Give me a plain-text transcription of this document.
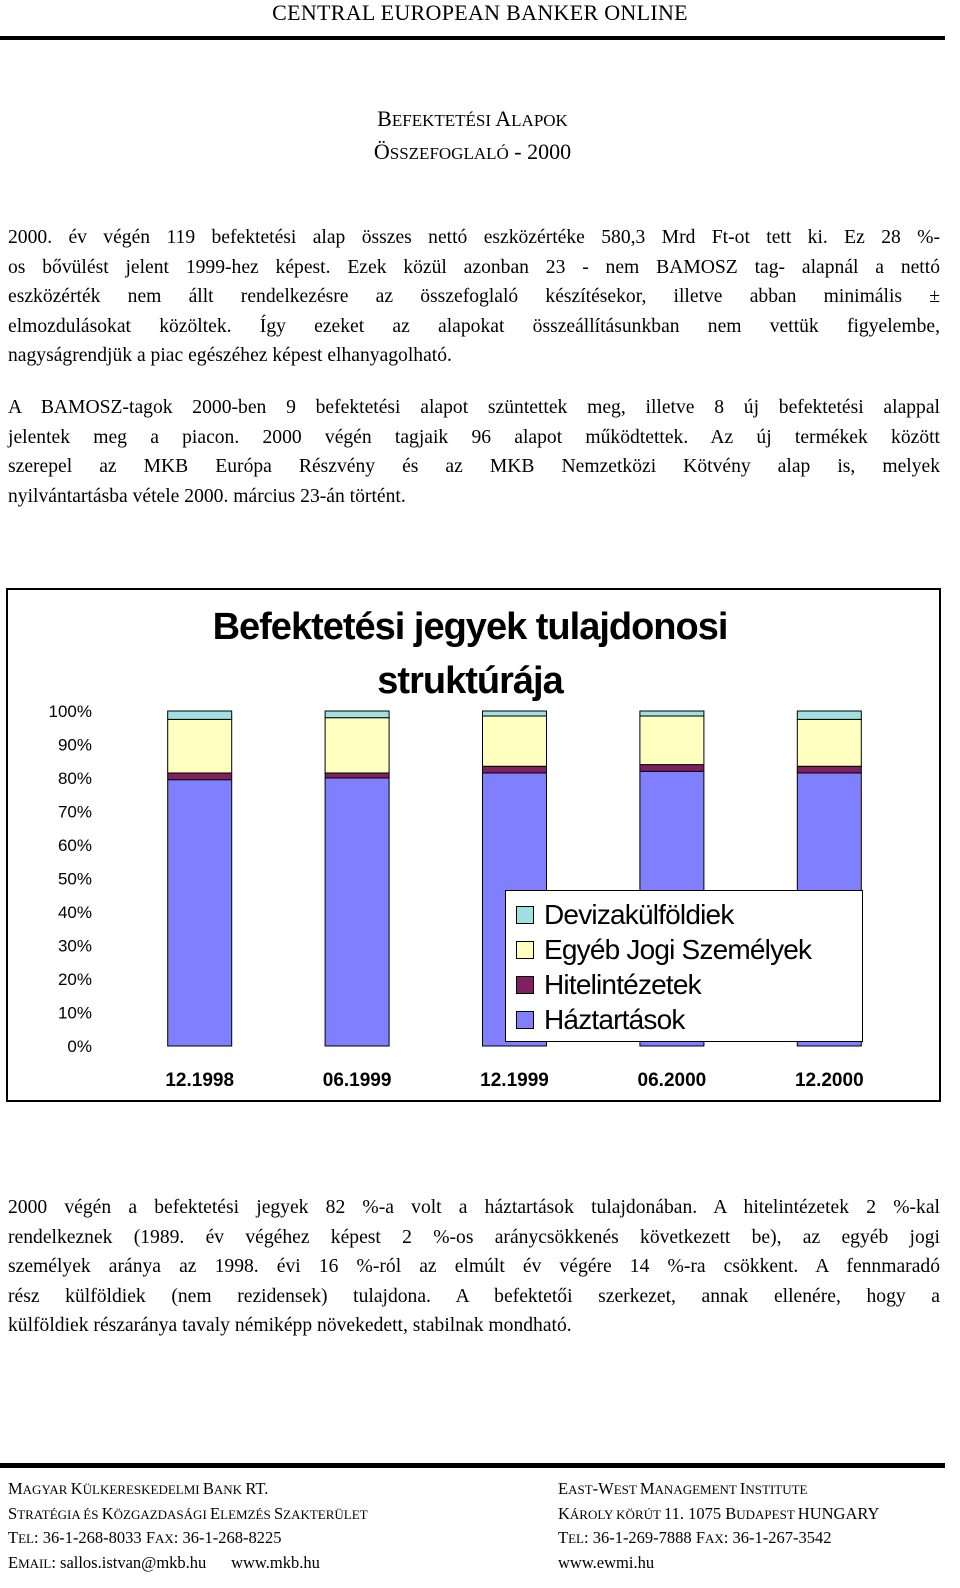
CENTRAL EUROPEAN BANKER ONLINE
BEFEKTETÉSI ALAPOK
ÖSSZEFOGLALÓ - 2000
2000. év végén 119 befektetési alap összes nettó eszközértéke 580,3 Mrd Ft-ot tett ki. Ez 28 %-
os bővülést jelent 1999-hez képest. Ezek közül azonban 23 - nem BAMOSZ tag- alapnál a nettó
eszközérték nem állt rendelkezésre az összefoglaló készítésekor, illetve abban minimális ±
elmozdulásokat közöltek. Így ezeket az alapokat összeállításunkban nem vettük figyelembe,
nagyságrendjük a piac egészéhez képest elhanyagolható.
A BAMOSZ-tagok 2000-ben 9 befektetési alapot szüntettek meg, illetve 8 új befektetési alappal
jelentek meg a piacon. 2000 végén tagjaik 96 alapot működtettek. Az új termékek között
szerepel az MKB Európa Részvény és az MKB Nemzetközi Kötvény alap is, melyek
nyilvántartásba vétele 2000. március 23-án történt.
Befektetési jegyek tulajdonosi
struktúrája
0%
10%
20%
30%
40%
50%
60%
70%
80%
90%
100%
12.1998	06.1999	12.1999	06.2000	12.2000
Devizakülföldiek
Egyéb Jogi Személyek
Hitelintézetek
Háztartások
2000 végén a befektetési jegyek 82 %-a volt a háztartások tulajdonában. A hitelintézetek 2 %-kal
rendelkeznek (1989. év végéhez képest 2 %-os aránycsökkenés következett be), az egyéb jogi
személyek aránya az 1998. évi 16 %-ról az elmúlt év végére 14 %-ra csökkent. A fennmaradó
rész külföldiek (nem rezidensek) tulajdona. A befektetői szerkezet, annak ellenére, hogy a
külföldiek részaránya tavaly némiképp növekedett, stabilnak mondható.
MAGYAR KÜLKERESKEDELMI BANK RT.
STRATÉGIA ÉS KÖZGAZDASÁGI ELEMZÉS SZAKTERÜLET
TEL: 36-1-268-8033 FAX: 36-1-268-8225
EMAIL: sallos.istvan@mkb.hu www.mkb.hu
EAST-WEST MANAGEMENT INSTITUTE
KÁROLY KÖRÚT 11. 1075 BUDAPEST HUNGARY
TEL: 36-1-269-7888 FAX: 36-1-267-3542
www.ewmi.hu
